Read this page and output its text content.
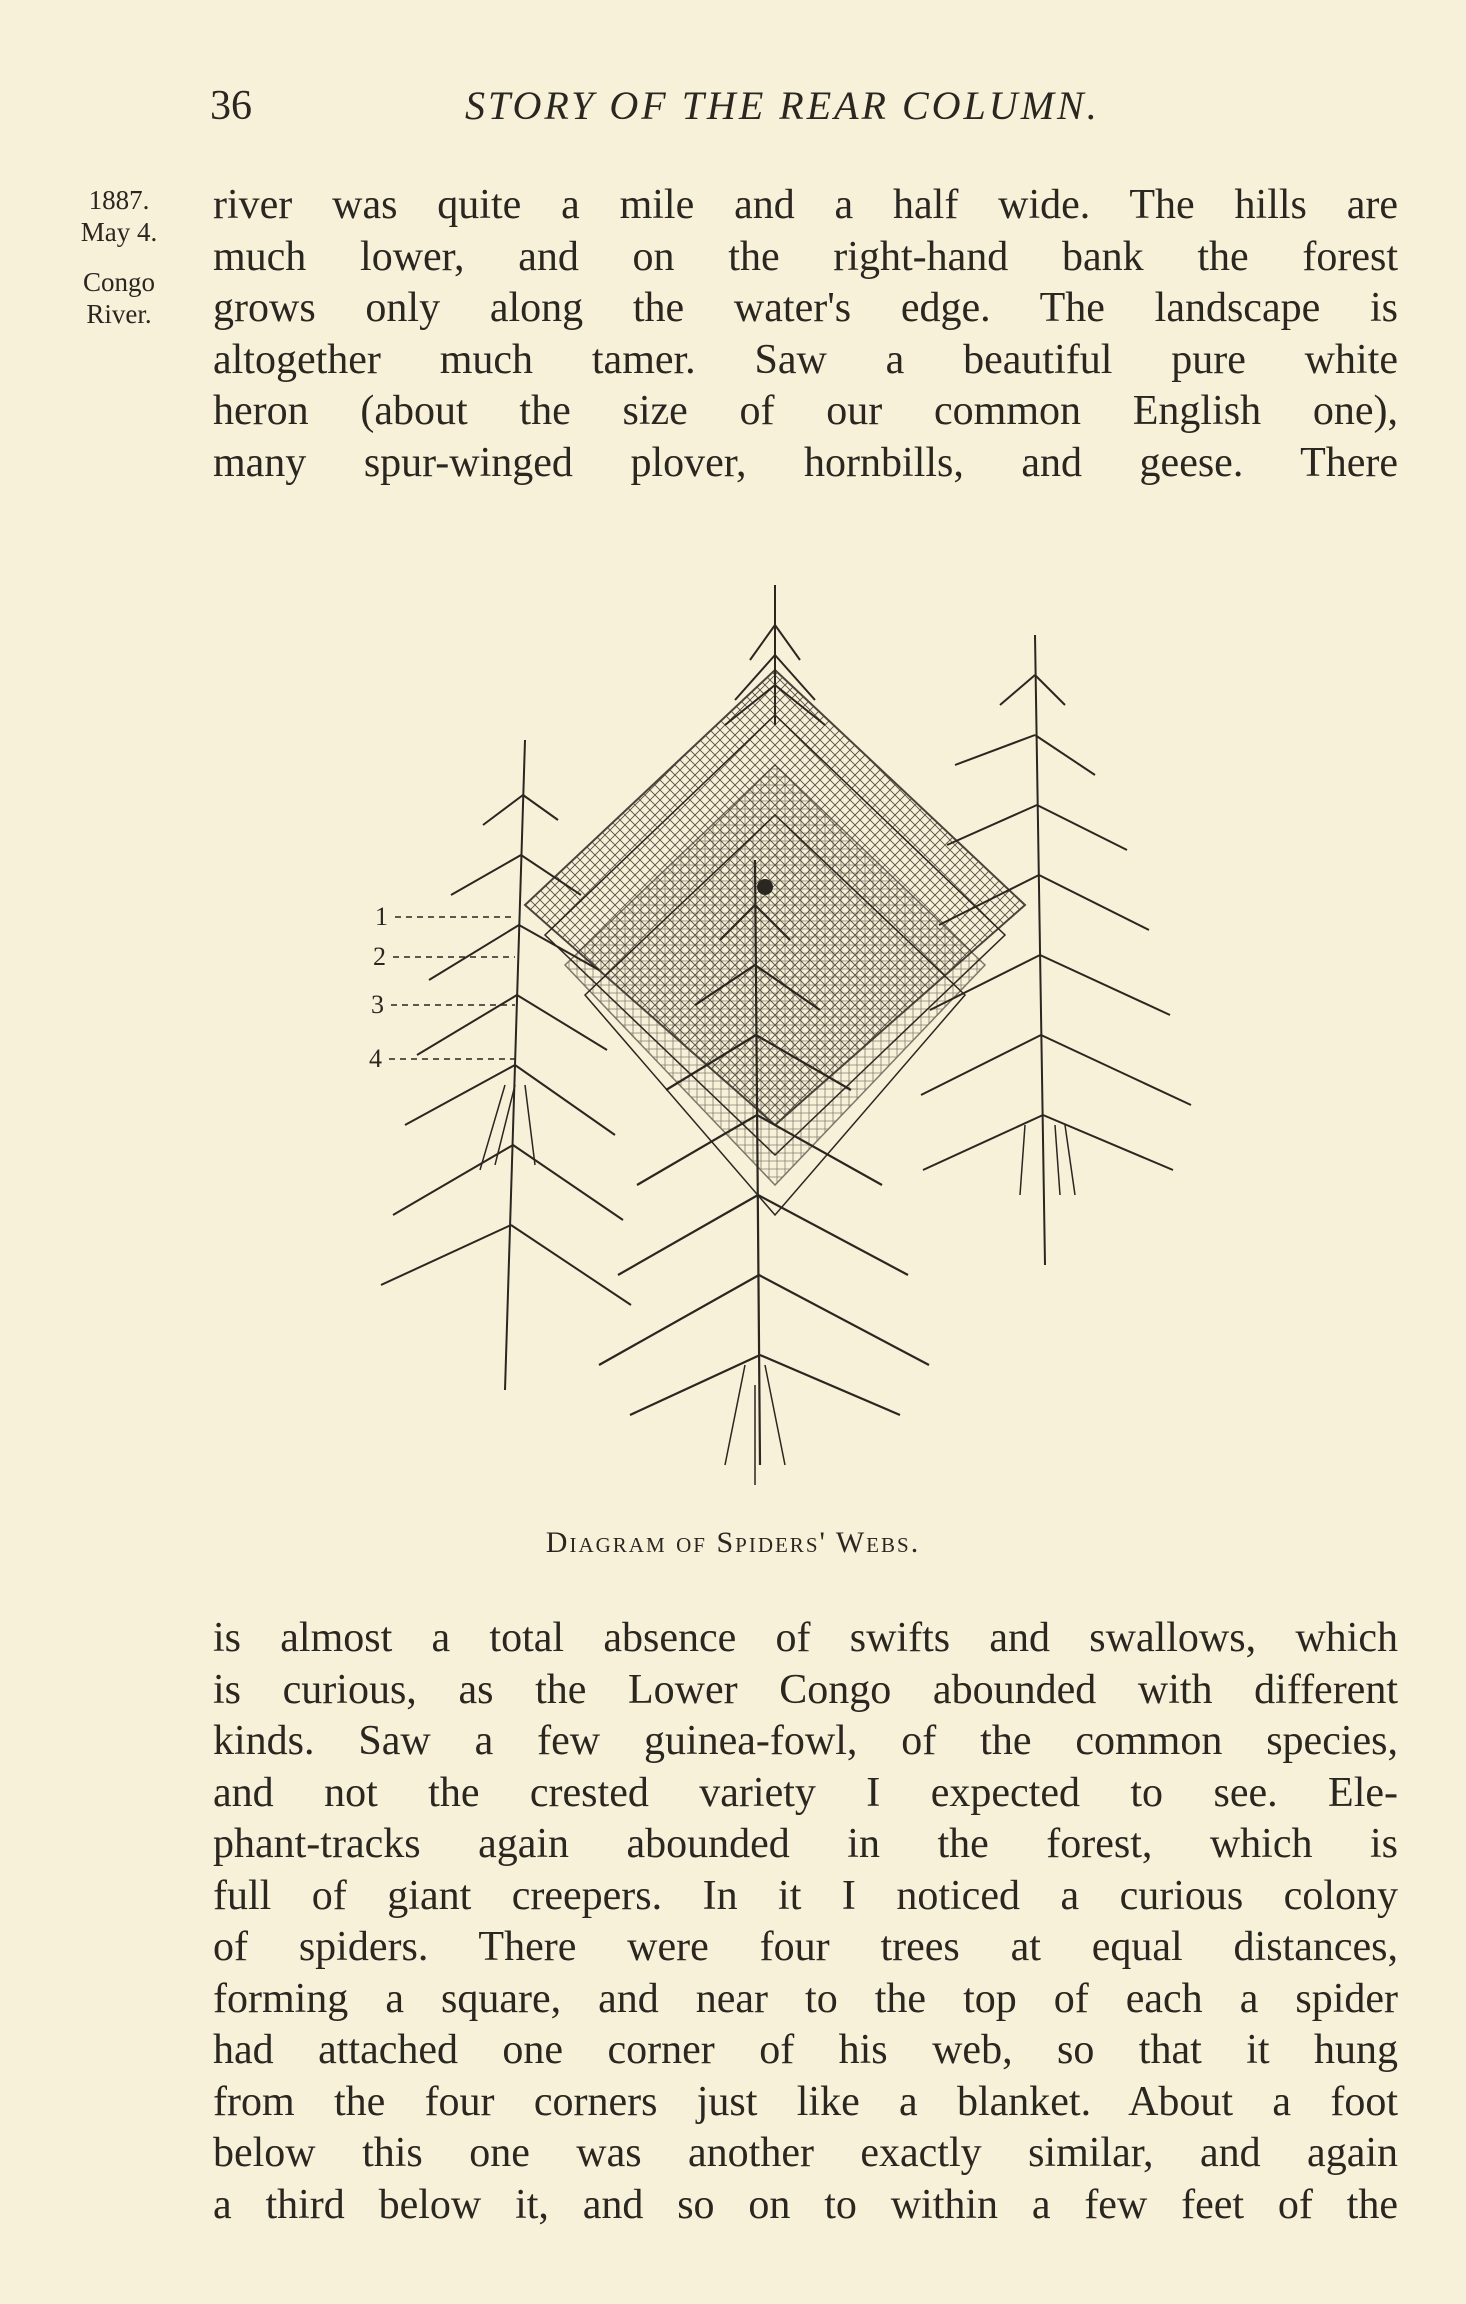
36	STORY OF THE REAR COLUMN.
1887.
May 4.
Congo
River.
river was quite a mile and a half wide. The hills are
much lower, and on the right-hand bank the forest
grows only along the water's edge. The landscape is
altogether much tamer. Saw a beautiful pure white
heron (about the size of our common English one),
many spur-winged plover, hornbills, and geese. There
1
2
3
4
Diagram of Spiders' Webs.
is almost a total absence of swifts and swallows, which
is curious, as the Lower Congo abounded with different
kinds. Saw a few guinea-fowl, of the common species,
and not the crested variety I expected to see. Ele-
phant-tracks again abounded in the forest, which is
full of giant creepers. In it I noticed a curious colony
of spiders. There were four trees at equal distances,
forming a square, and near to the top of each a spider
had attached one corner of his web, so that it hung
from the four corners just like a blanket. About a foot
below this one was another exactly similar, and again
a third below it, and so on to within a few feet of the
